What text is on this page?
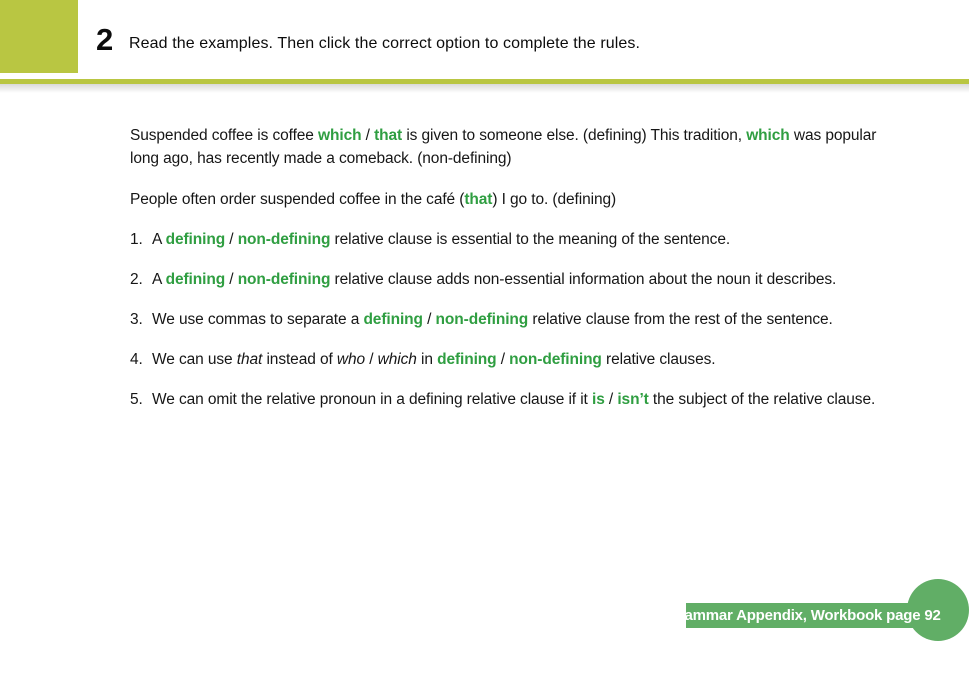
2 Read the examples. Then click the correct option to complete the rules.
Suspended coffee is coffee which / that is given to someone else. (defining) This tradition, which was popular
long ago, has recently made a comeback. (non-defining)
People often order suspended coffee in the café (that) I go to. (defining)
1. A defining / non-defining relative clause is essential to the meaning of the sentence.
2. A defining / non-defining relative clause adds non-essential information about the noun it describes.
3. We use commas to separate a defining / non-defining relative clause from the rest of the sentence.
4. We can use that instead of who / which in defining / non-defining relative clauses.
5. We can omit the relative pronoun in a defining relative clause if it is / isn’t the subject of the relative clause.
Grammar Appendix, Workbook page 92
